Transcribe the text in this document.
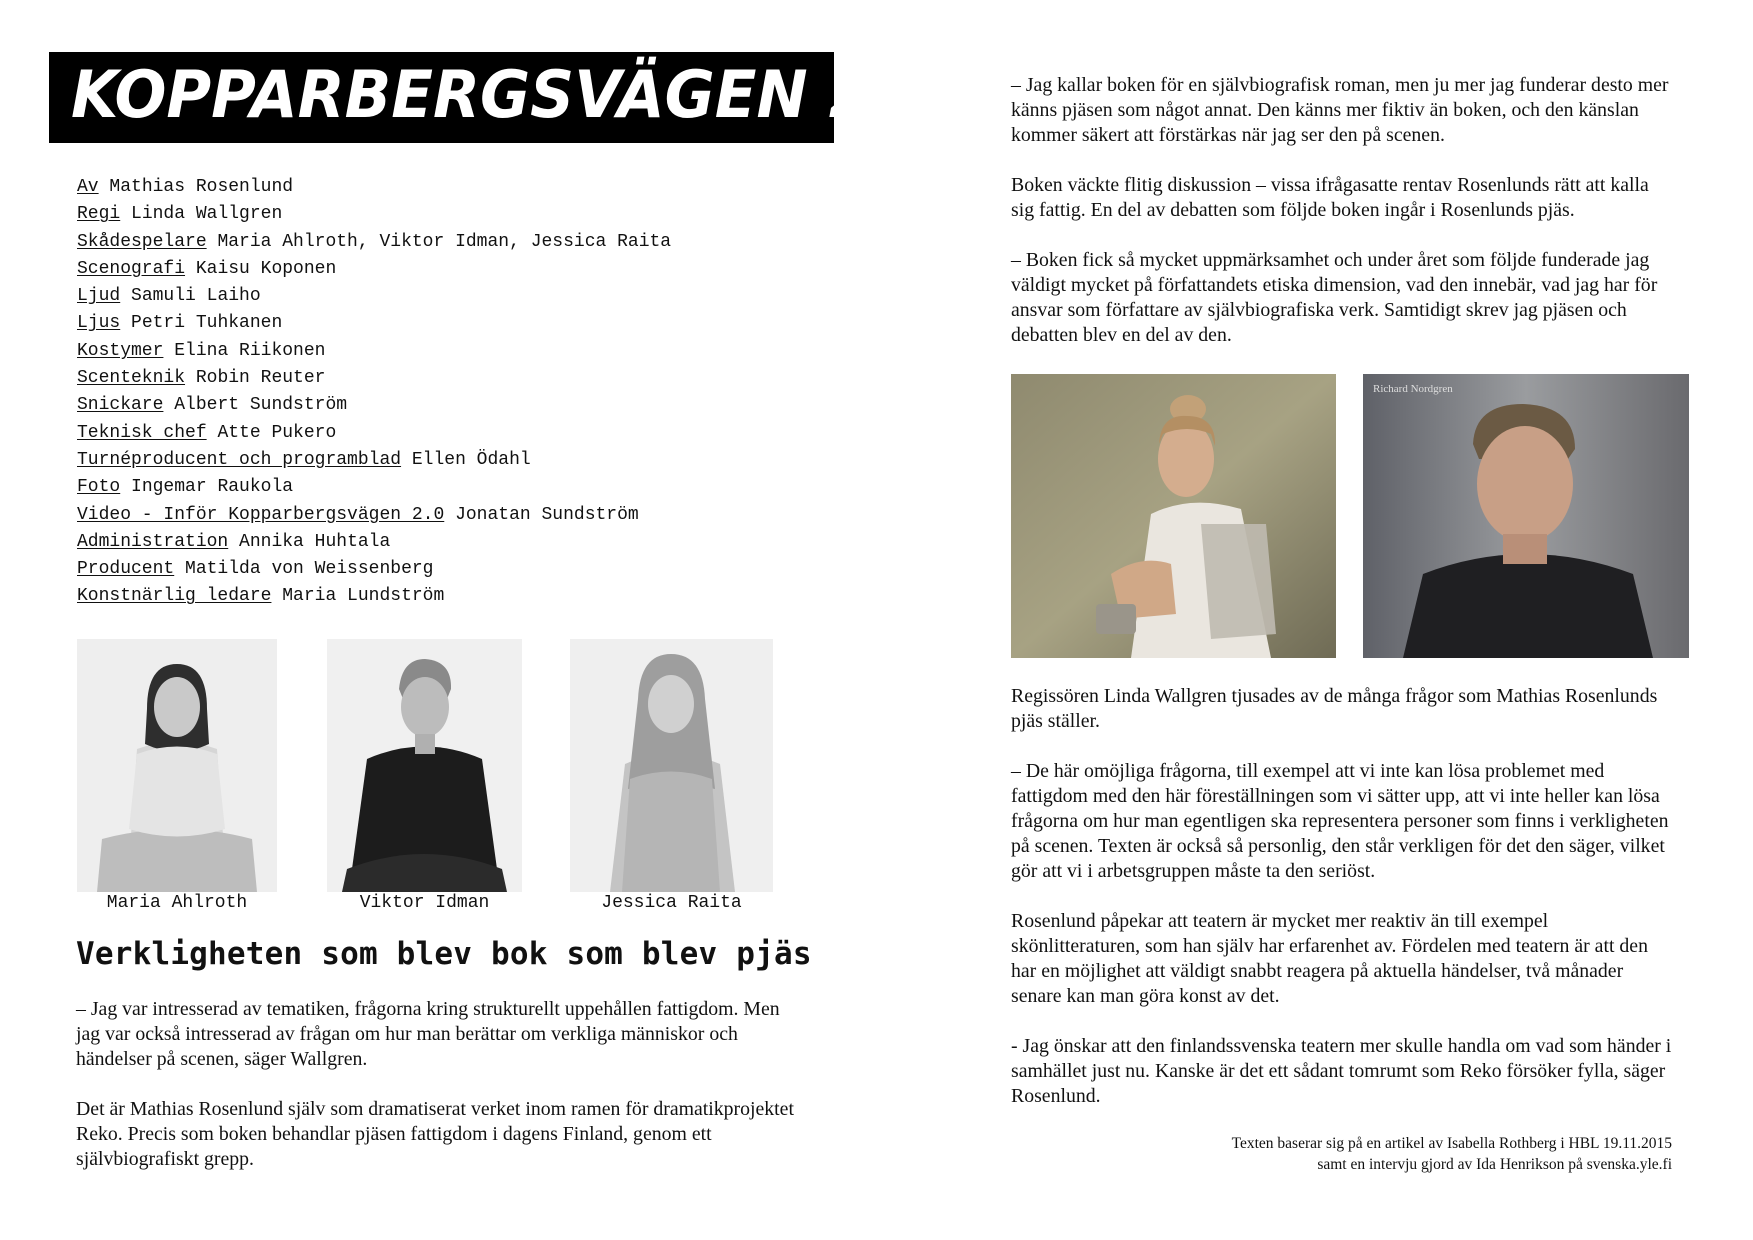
KOPPARBERGSVÄGEN 2.0
Av Mathias Rosenlund
Regi Linda Wallgren
Skådespelare Maria Ahlroth, Viktor Idman, Jessica Raita
Scenografi Kaisu Koponen
Ljud Samuli Laiho
Ljus Petri Tuhkanen
Kostymer Elina Riikonen
Scenteknik Robin Reuter
Snickare Albert Sundström
Teknisk chef Atte Pukero
Turnéproducent och programblad Ellen Ödahl
Foto Ingemar Raukola
Video - Inför Kopparbergsvägen 2.0 Jonatan Sundström
Administration Annika Huhtala
Producent Matilda von Weissenberg
Konstnärlig ledare Maria Lundström
Maria Ahlroth	Viktor Idman	Jessica Raita
Verkligheten som blev bok som blev pjäs

– Jag var intresserad av tematiken, frågorna kring strukturellt uppehållen fattigdom. Men jag var också intresserad av frågan om hur man berättar om verkliga människor och händelser på scenen, säger Wallgren.

Det är Mathias Rosenlund själv som dramatiserat verket inom ramen för dramatikprojektet Reko. Precis som boken behandlar pjäsen fattigdom i dagens Finland, genom ett självbiografiskt grepp.

– Jag kallar boken för en självbiografisk roman, men ju mer jag funderar desto mer känns pjäsen som något annat. Den känns mer fiktiv än boken, och den känslan kommer säkert att förstärkas när jag ser den på scenen.

Boken väckte flitig diskussion – vissa ifrågasatte rentav Rosenlunds rätt att kalla sig fattig. En del av debatten som följde boken ingår i Rosenlunds pjäs.

– Boken fick så mycket uppmärksamhet och under året som följde funderade jag väldigt mycket på författandets etiska dimension, vad den innebär, vad jag har för ansvar som författare av självbiografiska verk. Samtidigt skrev jag pjäsen och debatten blev en del av den.

Richard Nordgren

Regissören Linda Wallgren tjusades av de många frågor som Mathias Rosenlunds pjäs ställer.

– De här omöjliga frågorna, till exempel att vi inte kan lösa problemet med fattigdom med den här föreställningen som vi sätter upp, att vi inte heller kan lösa frågorna om hur man egentligen ska representera personer som finns i verkligheten på scenen. Texten är också så personlig, den står verkligen för det den säger, vilket gör att vi i arbetsgruppen måste ta den seriöst.

Rosenlund påpekar att teatern är mycket mer reaktiv än till exempel skönlitteraturen, som han själv har erfarenhet av. Fördelen med teatern är att den har en möjlighet att väldigt snabbt reagera på aktuella händelser, två månader senare kan man göra konst av det.

- Jag önskar att den finlandssvenska teatern mer skulle handla om vad som händer i samhället just nu. Kanske är det ett sådant tomrumt som Reko försöker fylla, säger Rosenlund.

Texten baserar sig på en artikel av Isabella Rothberg i HBL 19.11.2015
samt en intervju gjord av Ida Henrikson på svenska.yle.fi
